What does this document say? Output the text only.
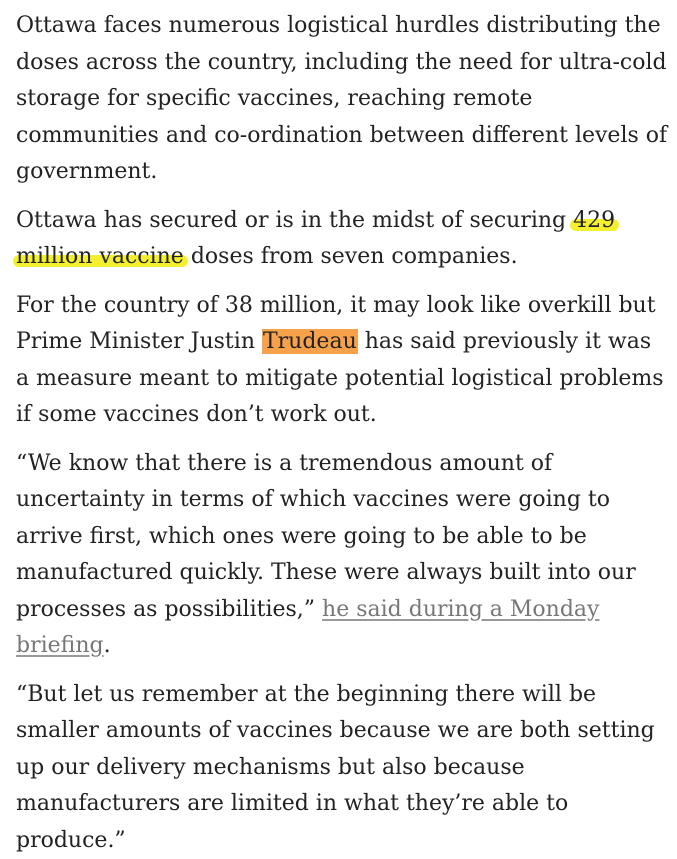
Ottawa faces numerous logistical hurdles distributing the doses across the country, including the need for ultra-cold storage for specific vaccines, reaching remote communities and co-ordination between different levels of government.

Ottawa has secured or is in the midst of securing 429
million vaccine doses from seven companies.

For the country of 38 million, it may look like overkill but Prime Minister Justin Trudeau has said previously it was a measure meant to mitigate potential logistical problems if some vaccines don’t work out.

“We know that there is a tremendous amount of uncertainty in terms of which vaccines were going to arrive first, which ones were going to be able to be manufactured quickly. These were always built into our processes as possibilities,” he said during a Monday briefing.

“But let us remember at the beginning there will be smaller amounts of vaccines because we are both setting up our delivery mechanisms but also because manufacturers are limited in what they’re able to produce.”
